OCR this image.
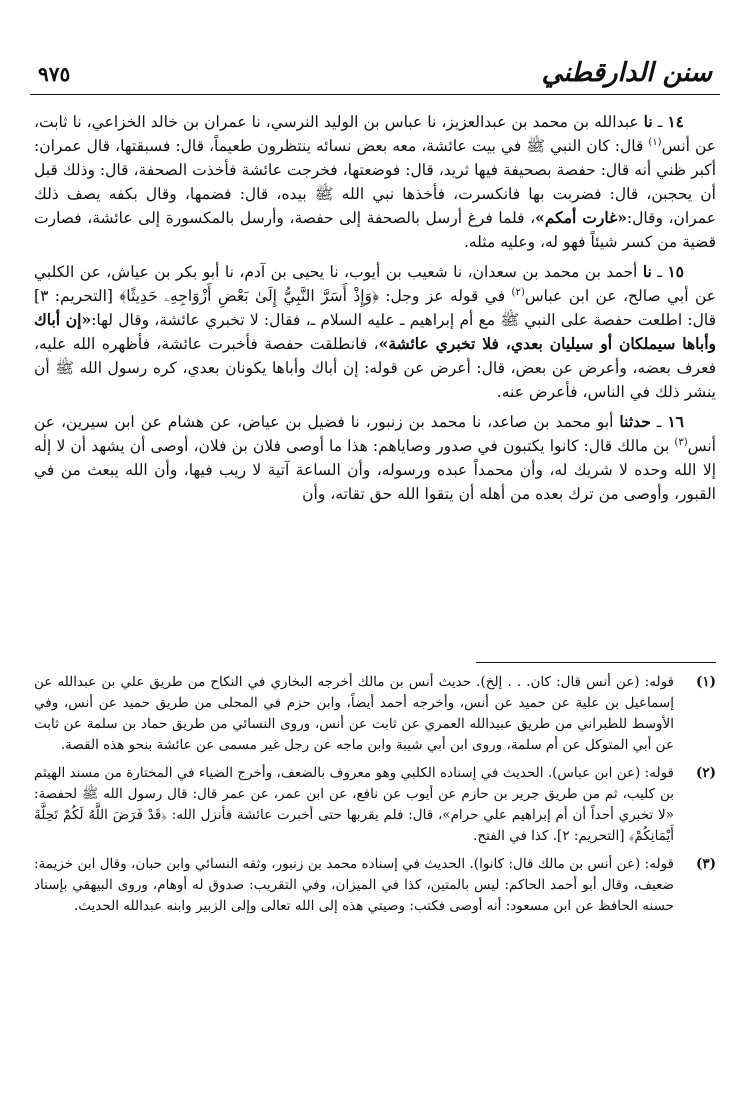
سنن الدارقطني
٩٧٥

١٤ ـ نا عبدالله بن محمد بن عبدالعزيز، نا عباس بن الوليد النرسي، نا عمران بن خالد الخزاعي، نا ثابت، عن أنس$^{(١)}$ قال: كان النبي ﷺ في بيت عائشة، معه بعض نسائه ينتظرون طعيماً، قال: فسبقتها، قال عمران: أكبر ظني أنه قال: حفصة بصحيفة فيها ثريد، قال: فوضعتها، فخرجت عائشة فأخذت الصحفة، قال: وذلك قبل أن يحجبن، قال: فضربت بها فانكسرت، فأخذها نبي الله ﷺ بيده، قال: فضمها، وقال بكفه يصف ذلك عمران، وقال:«غارت أمكم»، فلما فرغ أرسل بالصحفة إلى حفصة، وأرسل بالمكسورة إلى عائشة، فصارت قضية من كسر شيئاً فهو له، وعليه مثله.

١٥ ـ نا أحمد بن محمد بن سعدان، نا شعيب بن أيوب، نا يحيى بن آدم، نا أبو بكر بن عياش، عن الكلبي عن أبي صالح، عن ابن عباس$^{(٢)}$ في قوله عز وجل: ﴿وَإِذْ أَسَرَّ النَّبِيُّ إِلَىٰ بَعْضِ أَزْوَاجِهِۦ حَدِيثًا﴾ [التحريم: ٣] قال: اطلعت حفصة على النبي ﷺ مع أم إبراهيم ـ عليه السلام ـ، فقال: لا تخبري عائشة، وقال لها:«إن أباك وأباها سيملكان أو سيليان بعدي، فلا تخبري عائشة»، فانطلقت حفصة فأخبرت عائشة، فأظهره الله عليه، فعرف بعضه، وأعرض عن بعض، قال: أعرض عن قوله: إن أباك وأباها يكونان بعدي، كره رسول الله ﷺ أن ينشر ذلك في الناس، فأعرض عنه.

١٦ ـ حدثنا أبو محمد بن صاعد، نا محمد بن زنبور، نا فضيل بن عياض، عن هشام عن ابن سيرين، عن أنس$^{(٣)}$ بن مالك قال: كانوا يكتبون في صدور وصاياهم: هذا ما أوصى فلان بن فلان، أوصى أن يشهد أن لا إلٰه إلا الله وحده لا شريك له، وأن محمداً عبده ورسوله، وأن الساعة آتية لا ريب فيها، وأن الله يبعث من في القبور، وأوصى من ترك بعده من أهله أن يتقوا الله حق تقاته، وأن

(١)
قوله: (عن أنس قال: كان. . . إلخ). حديث أنس بن مالك أخرجه البخاري في النكاح من طريق علي بن عبدالله عن إسماعيل بن علية عن حميد عن أنس، وأخرجه أحمد أيضاً، وابن حزم في المحلى من طريق حميد عن أنس، وفي الأوسط للطبراني من طريق عبيدالله العمري عن ثابت عن أنس، وروى النسائي من طريق حماد بن سلمة عن ثابت عن أبي المتوكل عن أم سلمة، وروى ابن أبي شيبة وابن ماجه عن رجل غير مسمى عن عائشة بنحو هذه القصة.
(٢)
قوله: (عن ابن عباس). الحديث في إسناده الكلبي وهو معروف بالضعف، وأخرج الضياء في المختارة من مسند الهيثم بن كليب، ثم من طريق جرير بن حازم عن أيوب عن نافع، عن ابن عمر، عن عمر قال: قال رسول الله ﷺ لحفصة: «لا تخبري أحداً أن أم إبراهيم علي حرام»، قال: فلم يقربها حتى أخبرت عائشة فأنزل الله: ﴿قَدْ فَرَضَ اللَّهُ لَكُمْ تَحِلَّةَ أَيْمَانِكُمْ﴾ [التحريم: ٢]. كذا في الفتح.
(٣)
قوله: (عن أنس بن مالك قال: كانوا). الحديث في إسناده محمد بن زنبور، وثقه النسائي وابن حبان، وقال ابن خزيمة: ضعيف، وقال أبو أحمد الحاكم: ليس بالمتين، كذا في الميزان، وفي التقريب: صدوق له أوهام، وروى البيهقي بإسناد حسنه الحافظ عن ابن مسعود: أنه أوصى فكتب: وصيتي هذه إلى الله تعالى وإلى الزبير وابنه عبدالله الحديث.
